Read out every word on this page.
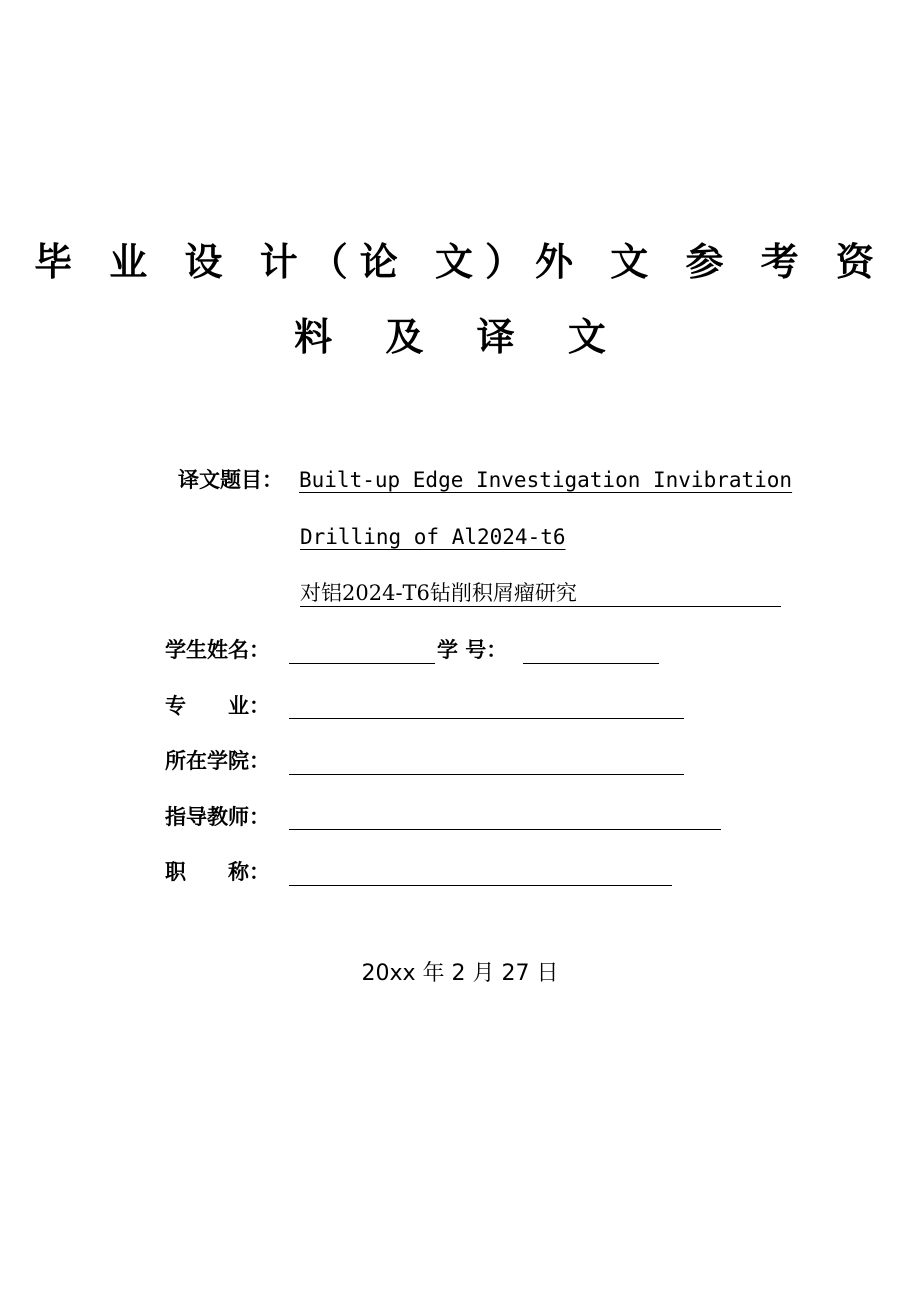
毕 业 设 计（论 文）外 文 参 考 资
料 及 译 文
译文题目： Built-up Edge Investigation Invibration
Drilling of Al2024-t6
对铝2024-T6钻削积屑瘤研究
学生姓名：	学 号：
专　　业：
所在学院：
指导教师：
职　　称：
20xx 年 2 月 27 日
